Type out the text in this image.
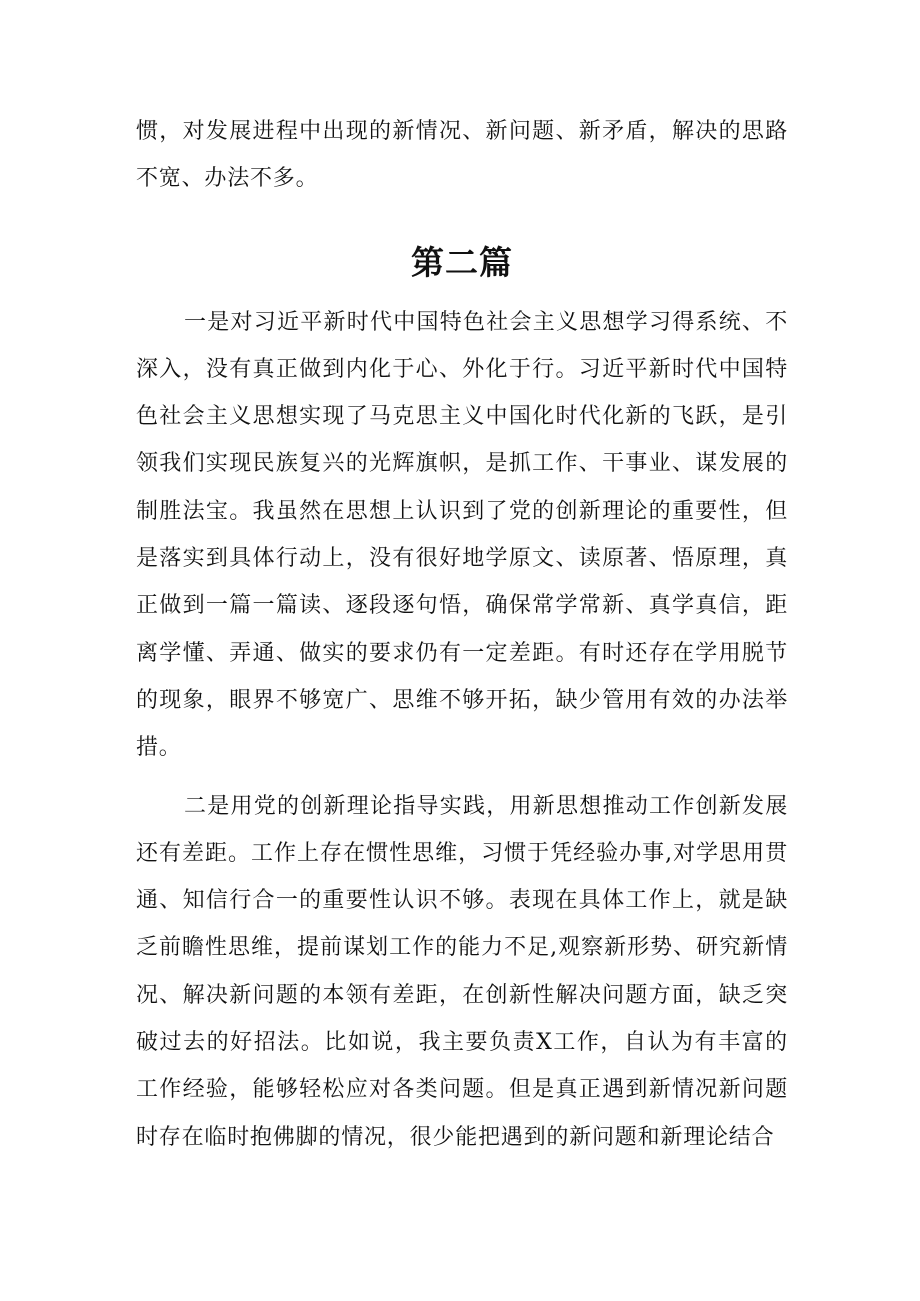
惯，对发展进程中出现的新情况、新问题、新矛盾，解决的思路不宽、办法不多。

第二篇

一是对习近平新时代中国特色社会主义思想学习得系统、不深入，没有真正做到内化于心、外化于行。习近平新时代中国特色社会主义思想实现了马克思主义中国化时代化新的飞跃，是引领我们实现民族复兴的光辉旗帜，是抓工作、干事业、谋发展的制胜法宝。我虽然在思想上认识到了党的创新理论的重要性，但是落实到具体行动上，没有很好地学原文、读原著、悟原理，真正做到一篇一篇读、逐段逐句悟，确保常学常新、真学真信，距离学懂、弄通、做实的要求仍有一定差距。有时还存在学用脱节的现象，眼界不够宽广、思维不够开拓，缺少管用有效的办法举措。

二是用党的创新理论指导实践，用新思想推动工作创新发展还有差距。工作上存在惯性思维，习惯于凭经验办事,对学思用贯通、知信行合一的重要性认识不够。表现在具体工作上，就是缺乏前瞻性思维，提前谋划工作的能力不足,观察新形势、研究新情况、解决新问题的本领有差距，在创新性解决问题方面，缺乏突破过去的好招法。比如说，我主要负责X工作，自认为有丰富的工作经验，能够轻松应对各类问题。但是真正遇到新情况新问题时存在临时抱佛脚的情况，很少能把遇到的新问题和新理论结合
